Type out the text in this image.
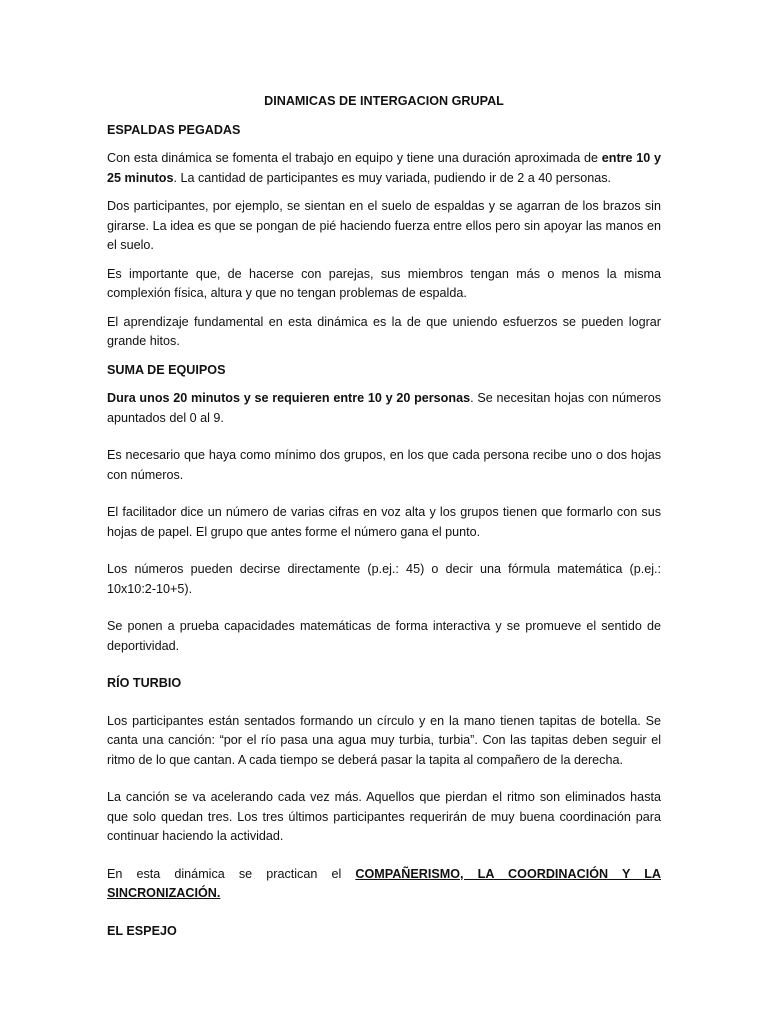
DINAMICAS DE INTERGACION GRUPAL
ESPALDAS PEGADAS

Con esta dinámica se fomenta el trabajo en equipo y tiene una duración aproximada de entre 10 y 25 minutos. La cantidad de participantes es muy variada, pudiendo ir de 2 a 40 personas.

Dos participantes, por ejemplo, se sientan en el suelo de espaldas y se agarran de los brazos sin girarse. La idea es que se pongan de pié haciendo fuerza entre ellos pero sin apoyar las manos en el suelo.

Es importante que, de hacerse con parejas, sus miembros tengan más o menos la misma complexión física, altura y que no tengan problemas de espalda.

El aprendizaje fundamental en esta dinámica es la de que uniendo esfuerzos se pueden lograr grande hitos.

SUMA DE EQUIPOS

Dura unos 20 minutos y se requieren entre 10 y 20 personas. Se necesitan hojas con números apuntados del 0 al 9.

Es necesario que haya como mínimo dos grupos, en los que cada persona recibe uno o dos hojas con números.

El facilitador dice un número de varias cifras en voz alta y los grupos tienen que formarlo con sus hojas de papel. El grupo que antes forme el número gana el punto.

Los números pueden decirse directamente (p.ej.: 45) o decir una fórmula matemática (p.ej.: 10x10:2-10+5).

Se ponen a prueba capacidades matemáticas de forma interactiva y se promueve el sentido de deportividad.

RÍO TURBIO

Los participantes están sentados formando un círculo y en la mano tienen tapitas de botella. Se canta una canción: “por el río pasa una agua muy turbia, turbia”. Con las tapitas deben seguir el ritmo de lo que cantan. A cada tiempo se deberá pasar la tapita al compañero de la derecha.

La canción se va acelerando cada vez más. Aquellos que pierdan el ritmo son eliminados hasta que solo quedan tres. Los tres últimos participantes requerirán de muy buena coordinación para continuar haciendo la actividad.

En esta dinámica se practican el COMPAÑERISMO, LA COORDINACIÓN Y LA SINCRONIZACIÓN.

EL ESPEJO
